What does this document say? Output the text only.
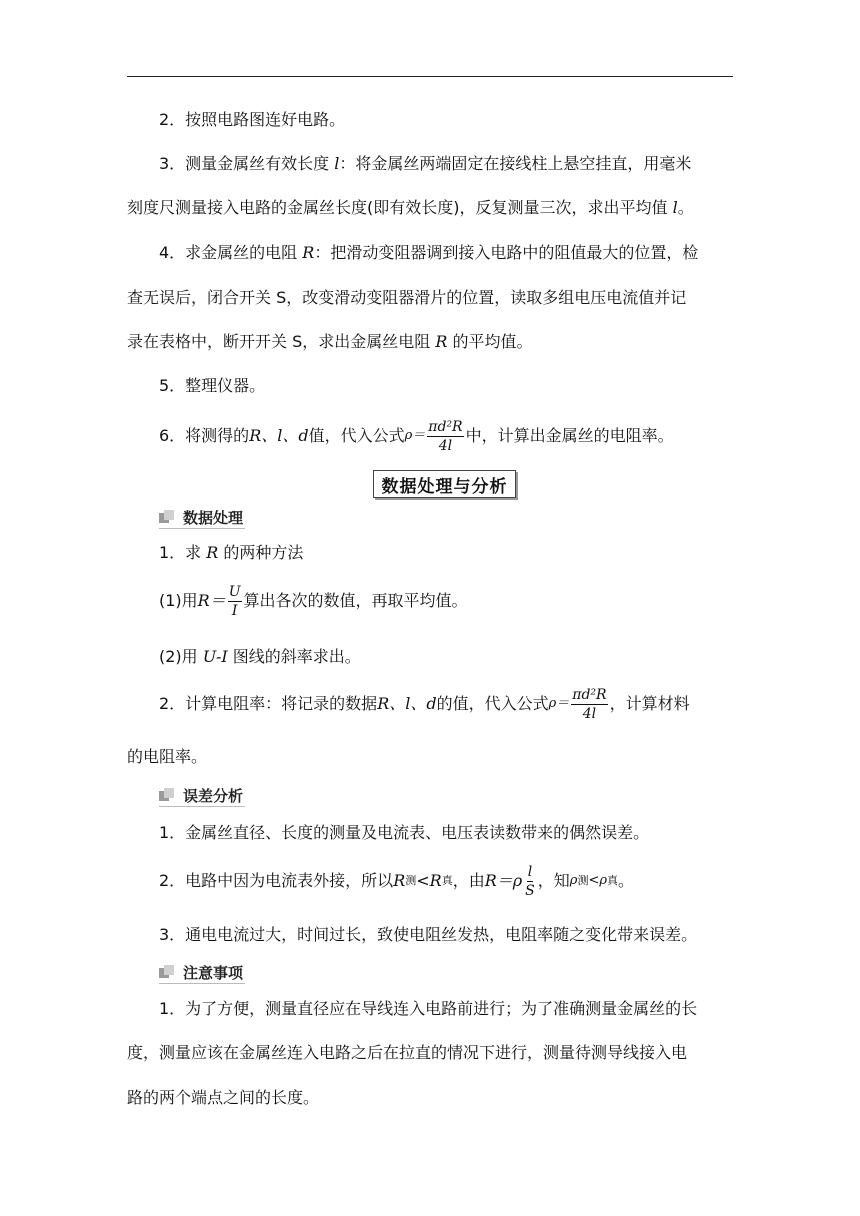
2．按照电路图连好电路。
3．测量金属丝有效长度 l：将金属丝两端固定在接线柱上悬空挂直，用毫米
刻度尺测量接入电路的金属丝长度(即有效长度)，反复测量三次，求出平均值 l。
4．求金属丝的电阻 R：把滑动变阻器调到接入电路中的阻值最大的位置，检
查无误后，闭合开关 S，改变滑动变阻器滑片的位置，读取多组电压电流值并记
录在表格中，断开开关 S，求出金属丝电阻 R 的平均值。
5．整理仪器。
6．将测得的 R、l、d 值，代入公式 $\rho= \frac{\text{πd²R}}{4l}$ 中，计算出金属丝的电阻率。
数据处理与分析
数据处理
1．求 R 的两种方法
(1)用 $R= \frac{U}{I}$ 算出各次的数值，再取平均值。
(2)用 U-I 图线的斜率求出。
2．计算电阻率：将记录的数据 R、l、d 的值，代入公式 $\rho= \frac{\text{πd²R}}{4l}$ ，计算材料
的电阻率。
误差分析
1．金属丝直径、长度的测量及电流表、电压表读数带来的偶然误差。
2．电路中因为电流表外接，所以 R 测 < R 真 ，由 $R=\rho \frac{l}{S}$ ，知 ρ 测 < ρ 真 。
3．通电电流过大，时间过长，致使电阻丝发热，电阻率随之变化带来误差。
注意事项
1．为了方便，测量直径应在导线连入电路前进行；为了准确测量金属丝的长
度，测量应该在金属丝连入电路之后在拉直的情况下进行，测量待测导线接入电
路的两个端点之间的长度。
